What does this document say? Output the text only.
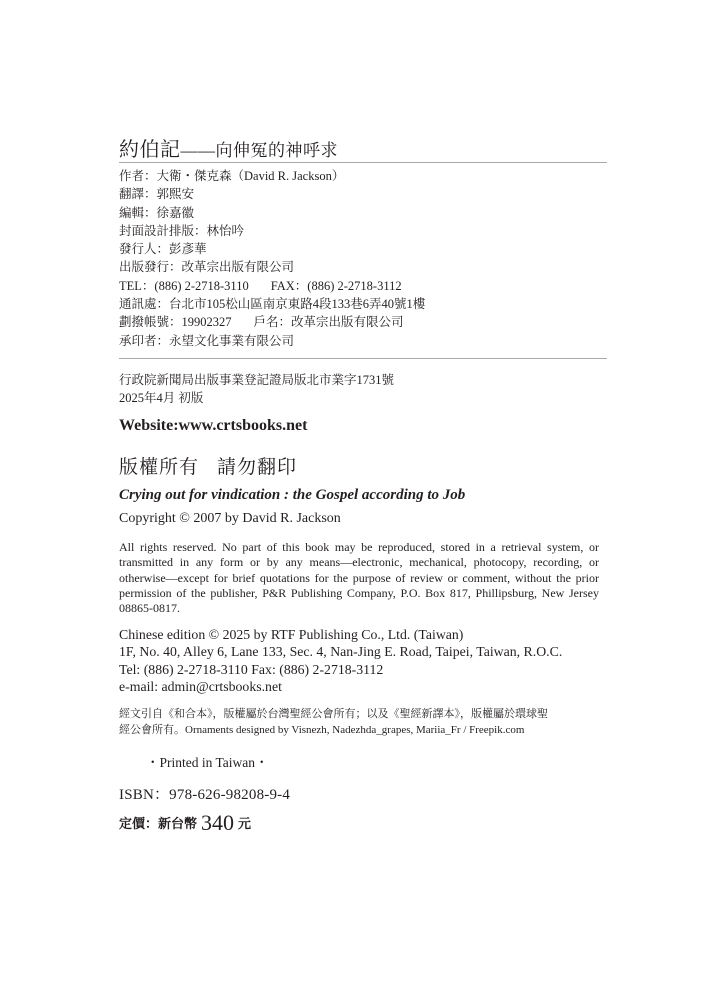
約伯記——向伸冤的神呼求
作者：大衛・傑克森（David R. Jackson）
翻譯：郭熙安
編輯：徐嘉徽
封面設計排版：林怡吟
發行人：彭彥華
出版發行：改革宗出版有限公司
TEL：(886) 2-2718-3110 FAX：(886) 2-2718-3112
通訊處：台北市105松山區南京東路4段133巷6弄40號1樓
劃撥帳號：19902327 戶名：改革宗出版有限公司
承印者：永望文化事業有限公司
行政院新聞局出版事業登記證局版北市業字1731號
2025年4月 初版
Website:www.crtsbooks.net
版權所有 請勿翻印
Crying out for vindication : the Gospel according to Job
Copyright © 2007 by David R. Jackson
All rights reserved. No part of this book may be reproduced, stored in a retrieval system, or transmitted in any form or by any means—electronic, mechanical, photocopy, recording, or otherwise—except for brief quotations for the purpose of review or comment, without the prior permission of the publisher, P&R Publishing Company, P.O. Box 817, Phillipsburg, New Jersey 08865-0817.
Chinese edition © 2025 by RTF Publishing Co., Ltd. (Taiwan)
1F, No. 40, Alley 6, Lane 133, Sec. 4, Nan-Jing E. Road, Taipei, Taiwan, R.O.C.
Tel: (886) 2-2718-3110 Fax: (886) 2-2718-3112
e-mail: admin@crtsbooks.net
經文引自《和合本》，版權屬於台灣聖經公會所有；以及《聖經新譯本》，版權屬於環球聖
經公會所有。Ornaments designed by Visnezh, Nadezhda_grapes, Mariia_Fr / Freepik.com
・Printed in Taiwan・
ISBN：978-626-98208-9-4
定價：新台幣 340 元
